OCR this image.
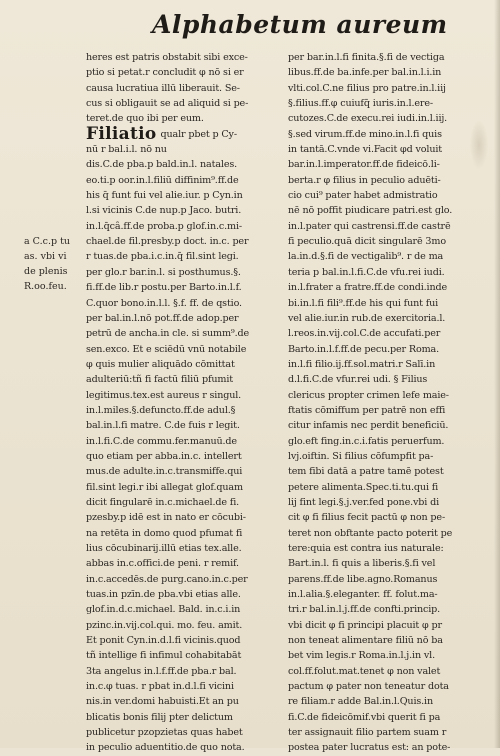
Alphabetum aureum
a C.c.p tu
as. vbi vi
de plenis
R.oo.feu.
heres est patris obstabit sibi exce-
ptio si petat.r concludit φ nō si er
causa lucratiua illū liberauit. Se-
cus si obligauit se ad aliquid si pe-
teret.de quo ibi per eum.
Filiatio qualr pbet p Cy-
nū r bal.i.l. nō nu
dis.C.de pba.p bald.in.l. natales.
eo.ti.p oor.in.l.filiū diffinim⁹.ff.de
his q̄ funt fui vel alie.iur. p Cyn.in
l.si vicinis C.de nup.p Jaco. butri.
in.l.q̄cȃ.ff.de proba.p glof.in.c.mi-
chael.de fil.presby.p doct. in.c. per
r tuas.de pba.i.c.in.q̄ fil.sint legi.
per glo.r bar.in.l. si posthumus.§.
fi.ff.de lib.r postu.per Barto.in.l.f.
C.quor bono.in.l.l. §.f. ff. de qstio.
per bal.in.l.nō pot.ff.de adop.per
petrū de ancha.in cle. si summ⁹.de
sen.exco. Et e sciēdū vnū notabile
φ quis mulier aliquādo cōmittat
adulteriū:tñ fi factū filiū pfumit
legitimus.tex.est aureus r singul.
in.l.miles.§.defuncto.ff.de adul.§
bal.in.l.fi matre. C.de fuis r legit.
in.l.fi.C.de commu.fer.manuū.de
quo etiam per abba.in.c. intellert
mus.de adulte.in.c.transmiffe.qui
fil.sint legi.r ibi allegat glof.quam
dicit fingularē in.c.michael.de fi.
pzesby.p idē est in nato er cōcubi-
na retēta in domo quod pfumat fi
lius cōcubinarij.illū etias tex.alle.
abbas in.c.offici.de peni. r remif.
in.c.accedēs.de purg.cano.in.c.per
tuas.in pzīn.de pba.vbi etias alle.
glof.in.d.c.michael. Bald. in.c.i.in
pzinc.in.vij.col.qui. mo. feu. amit.
Et ponit Cyn.in.d.l.fi vicinis.quod
tñ intellige fi infimul cohabitabāt
3ta angelus in.l.f.ff.de pba.r bal.
in.c.φ tuas. r pbat in.d.l.fi vicini
nis.in ver.domi habuisti.Et an pu
blicatis bonis filij pter delictum
publicetur pzopzietas quas habet
in peculio aduentitio.de quo nota.
per bar.in.l.fi finita.§.fi de vectiga
libus.ff.de ba.infe.per bal.in.l.i.in
vlti.col.C.ne filius pro patre.in.l.iij
§.filius.ff.φ cuiufq̄ iuris.in.l.ere-
cutozes.C.de execu.rei iudi.in.l.iij.
§.sed virum.ff.de mino.in.l.fi quis
in tantā.C.vnde vi.Facit φd voluit
bar.in.l.imperator.ff.de fideicō.li-
berta.r φ filius in peculio aduēti-
cio cui⁹ pater habet admistratio
nē nō poffit piudicare patri.est glo.
in.l.pater qui castrensi.ff.de castrē
fi peculio.quā dicit singularē 3mo
la.in.d.§.fi de vectigalib⁹. r de ma
teria p bal.in.l.fi.C.de vfu.rei iudi.
in.l.frater a fratre.ff.de condi.inde
bi.in.l.fi fili⁹.ff.de his qui funt fui
vel alie.iur.in rub.de exercitoria.l.
l.reos.in.vij.col.C.de accufati.per
Barto.in.l.f.ff.de pecu.per Roma.
in.l.fi filio.ij.ff.sol.matri.r Salī.in
d.l.fi.C.de vfur.rei udi. § Filius
clericus propter crimen lefe maie-
ftatis cōmiffum per patrē non effi
citur infamis nec perdit beneficiū.
glo.eft fing.in.c.i.fatis peruerfum.
lvj.oiftin. Si filius cōfumpfit pa-
tem fibi datā a patre tamē potest
petere alimenta.Spec.ti.tu.qui fi
lij fint legi.§.j.ver.fed pone.vbi di
cit φ fi filius fecit pactū φ non pe-
teret non obftante pacto poterit pe
tere:quia est contra ius naturale:
Bart.in.l. fi quis a liberis.§.fi vel
parens.ff.de libe.agno.Romanus
in.l.alia.§.eleganter. ff. folut.ma-
tri.r bal.in.l.j.ff.de confti.princip.
vbi dicit φ fi principi placuit φ pr
non teneat alimentare filiū nō ba
bet vim legis.r Roma.in.l.j.in vl.
col.ff.folut.mat.tenet φ non valet
pactum φ pater non teneatur dota
re filiam.r adde Bal.in.l.Quis.in
fi.C.de fideicōmif.vbi querit fi pa
ter assignauit filio partem suam r
postea pater lucratus est: an pote-
